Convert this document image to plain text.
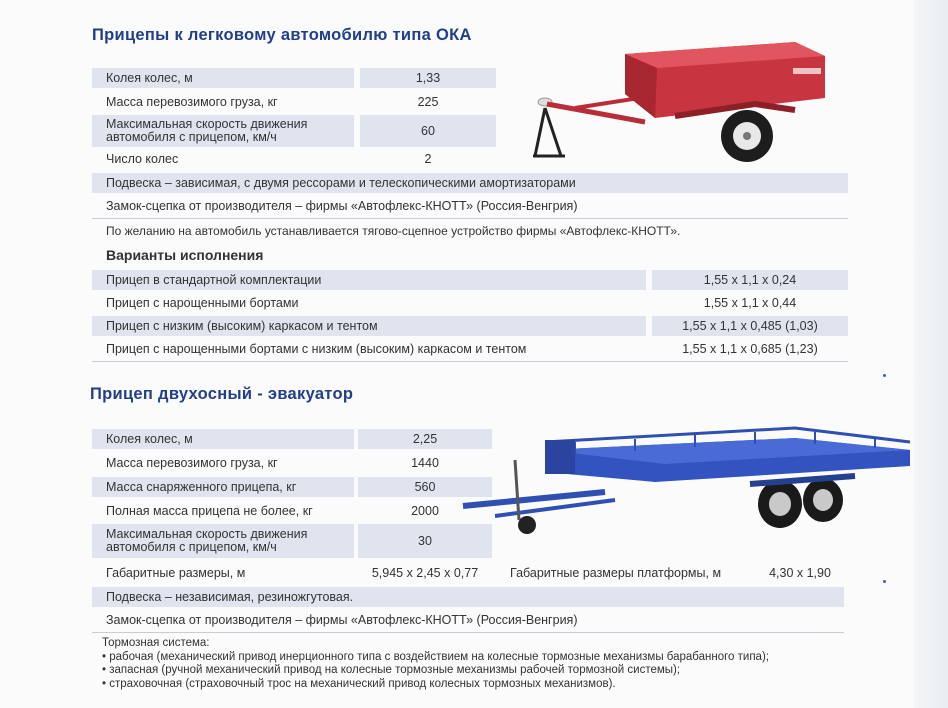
Прицепы к легковому автомобилю типа ОКА
Колея колес, м	1,33
Масса перевозимого груза, кг	225
Максимальная скорость движения
автомобиля с прицепом, км/ч	60
Число колес	2
Подвеска – зависимая, с двумя рессорами и телескопическими амортизаторами
Замок-сцепка от производителя – фирмы «Автофлекс-КНОТТ» (Россия-Венгрия)
По желанию на автомобиль устанавливается тягово-сцепное устройство фирмы «Автофлекс-КНОТТ».
Варианты исполнения
Прицеп в стандартной комплектации	1,55 x 1,1 x 0,24
Прицеп с нарощенными бортами	1,55 x 1,1 x 0,44
Прицеп с низким (высоким) каркасом и тентом	1,55 x 1,1 x 0,485 (1,03)
Прицеп с нарощенными бортами с низким (высоким) каркасом и тентом	1,55 x 1,1 x 0,685 (1,23)
Прицеп двухосный - эвакуатор
Колея колес, м	2,25
Масса перевозимого груза, кг	1440
Масса снаряженного прицепа, кг	560
Полная масса прицепа не более, кг	2000
Максимальная скорость движения
автомобиля с прицепом, км/ч	30
Габаритные размеры, м	5,945 x 2,45 x 0,77	Габаритные размеры платформы, м	4,30 x 1,90
Подвеска – независимая, резиножгутовая.
Замок-сцепка от производителя – фирмы «Автофлекс-КНОТТ» (Россия-Венгрия)
Тормозная система:
• рабочая (механический привод инерционного типа с воздействием на колесные тормозные механизмы барабанного типа);
• запасная (ручной механический привод на колесные тормозные механизмы рабочей тормозной системы);
• страховочная (страховочный трос на механический привод колесных тормозных механизмов).
